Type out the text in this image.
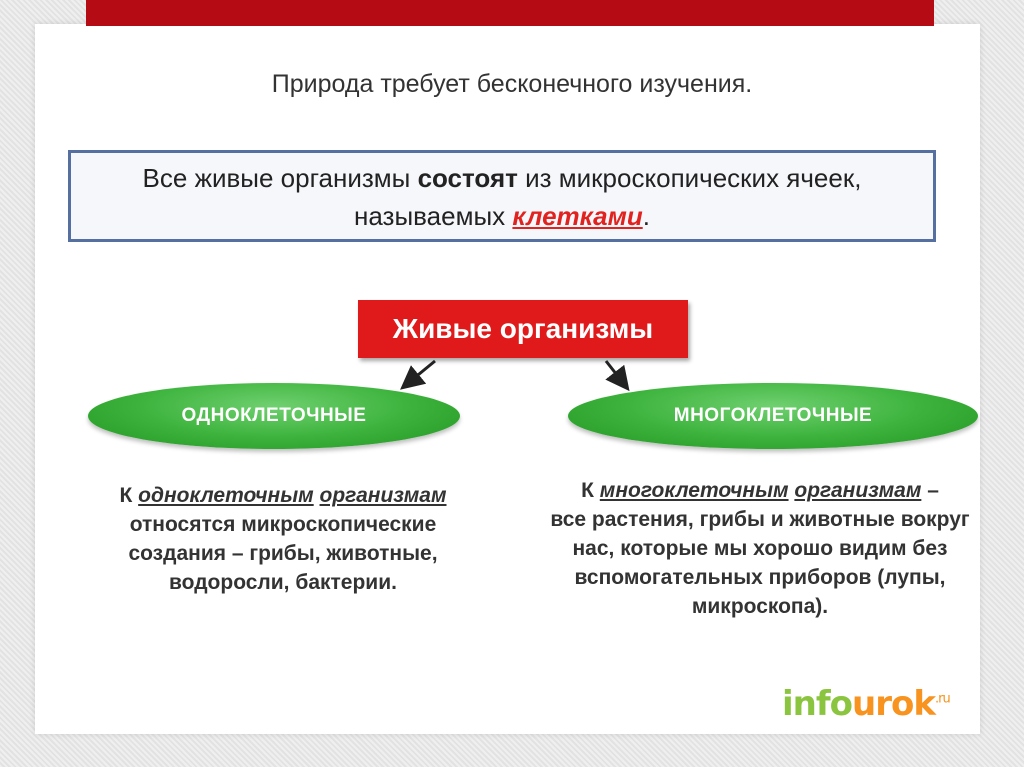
Природа требует бесконечного изучения.
Все живые организмы состоят из микроскопических ячеек,
называемых клетками.
Живые организмы
ОДНОКЛЕТОЧНЫЕ	МНОГОКЛЕТОЧНЫЕ
К одноклеточным организмам
относятся микроскопические создания – грибы, животные, водоросли, бактерии.
К многоклеточным организмам –
все растения, грибы и животные вокруг нас, которые мы хорошо видим без вспомогательных приборов (лупы, микроскопа).
infourok$^{.ru}$
